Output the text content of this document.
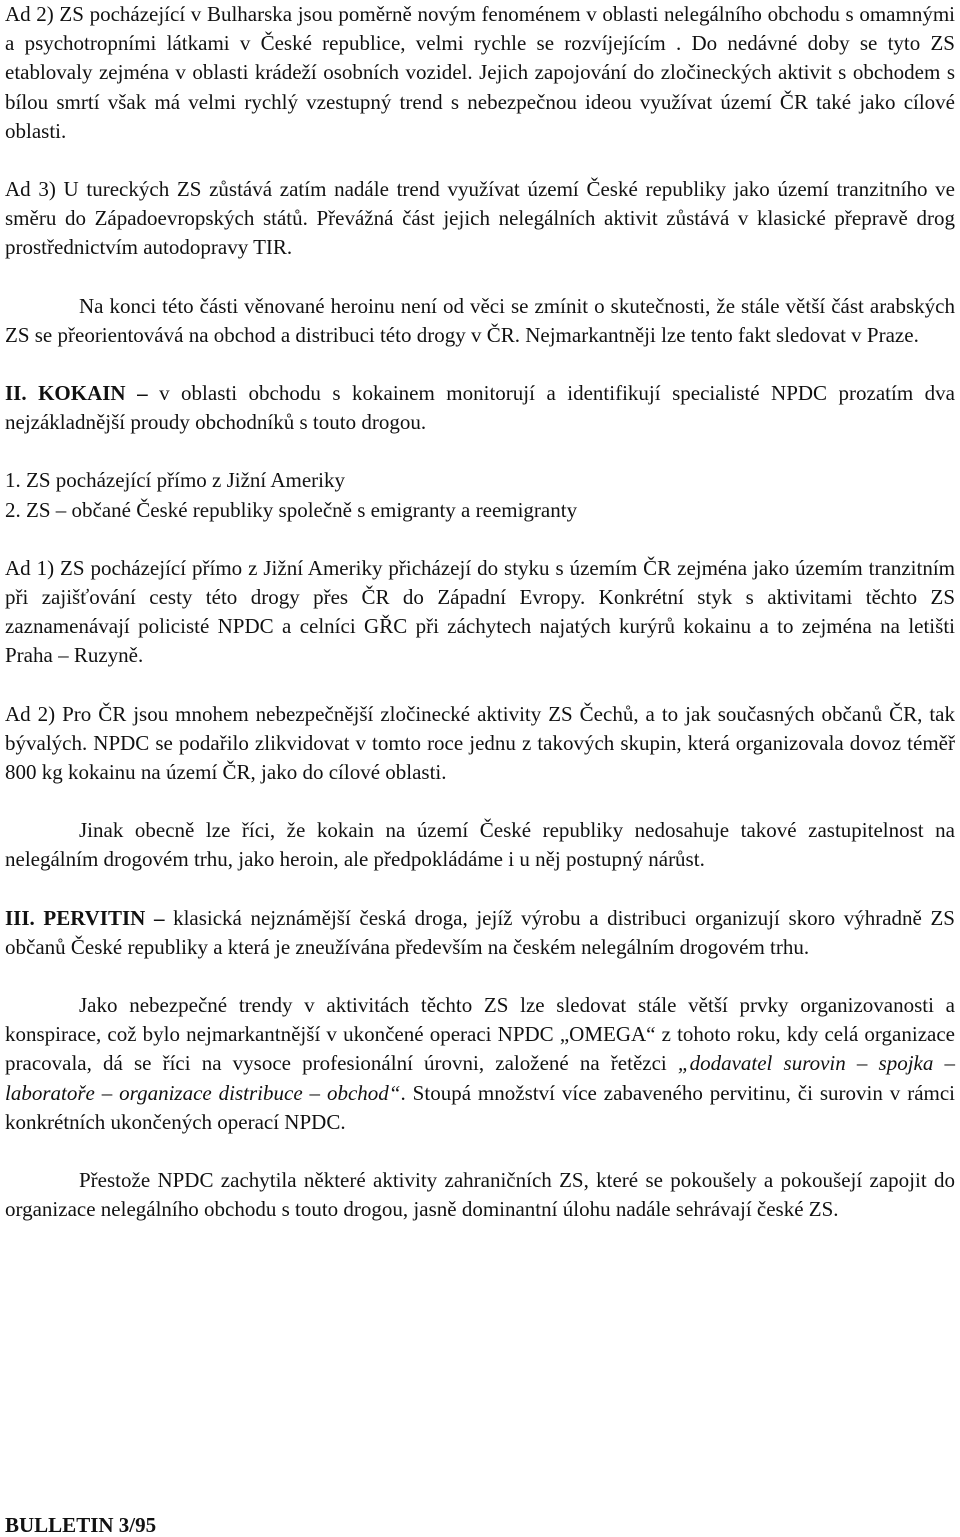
Ad 2) ZS pocházející v Bulharska jsou poměrně novým fenoménem v oblasti nelegálního obchodu s omamnými a psychotropními látkami v České republice, velmi rychle se rozvíjejícím . Do nedávné doby se tyto ZS etablovaly zejména v oblasti krádeží osobních vozidel. Jejich zapojování do zločineckých aktivit s obchodem s bílou smrtí však má velmi rychlý vzestupný trend s nebezpečnou ideou využívat území ČR také jako cílové oblasti.

Ad 3) U tureckých ZS zůstává zatím nadále trend využívat území České republiky jako území tranzitního ve směru do Západoevropských států. Převážná část jejich nelegálních aktivit zůstává v klasické přepravě drog prostřednictvím autodopravy TIR.

Na konci této části věnované heroinu není od věci se zmínit o skutečnosti, že stále větší část arabských ZS se přeorientovává na obchod a distribuci této drogy v ČR. Nejmarkantněji lze tento fakt sledovat v Praze.

II. KOKAIN – v oblasti obchodu s kokainem monitorují a identifikují specialisté NPDC prozatím dva nejzákladnější proudy obchodníků s touto drogou.

1. ZS pocházející přímo z Jižní Ameriky

2. ZS – občané České republiky společně s emigranty a reemigranty

Ad 1) ZS pocházející přímo z Jižní Ameriky přicházejí do styku s územím ČR zejména jako územím tranzitním při zajišťování cesty této drogy přes ČR do Západní Evropy. Konkrétní styk s aktivitami těchto ZS zaznamenávají policisté NPDC a celníci GŘC při záchytech najatých kurýrů kokainu a to zejména na letišti Praha – Ruzyně.

Ad 2) Pro ČR jsou mnohem nebezpečnější zločinecké aktivity ZS Čechů, a to jak současných občanů ČR, tak bývalých. NPDC se podařilo zlikvidovat v tomto roce jednu z takových skupin, která organizovala dovoz téměř 800 kg kokainu na území ČR, jako do cílové oblasti.

Jinak obecně lze říci, že kokain na území České republiky nedosahuje takové zastupitelnost na nelegálním drogovém trhu, jako heroin, ale předpokládáme i u něj postupný nárůst.

III. PERVITIN – klasická nejznámější česká droga, jejíž výrobu a distribuci organizují skoro výhradně ZS občanů České republiky a která je zneužívána především na českém nelegálním drogovém trhu.

Jako nebezpečné trendy v aktivitách těchto ZS lze sledovat stále větší prvky organizovanosti a konspirace, což bylo nejmarkantnější v ukončené operaci NPDC „OMEGA“ z tohoto roku, kdy celá organizace pracovala, dá se říci na vysoce profesionální úrovni, založené na řetězci „dodavatel surovin – spojka – laboratoře – organizace distribuce – obchod“. Stoupá množství více zabaveného pervitinu, či surovin v rámci konkrétních ukončených operací NPDC.

Přestože NPDC zachytila některé aktivity zahraničních ZS, které se pokoušely a pokoušejí zapojit do organizace nelegálního obchodu s touto drogou, jasně dominantní úlohu nadále sehrávají české ZS.

BULLETIN 3/95
